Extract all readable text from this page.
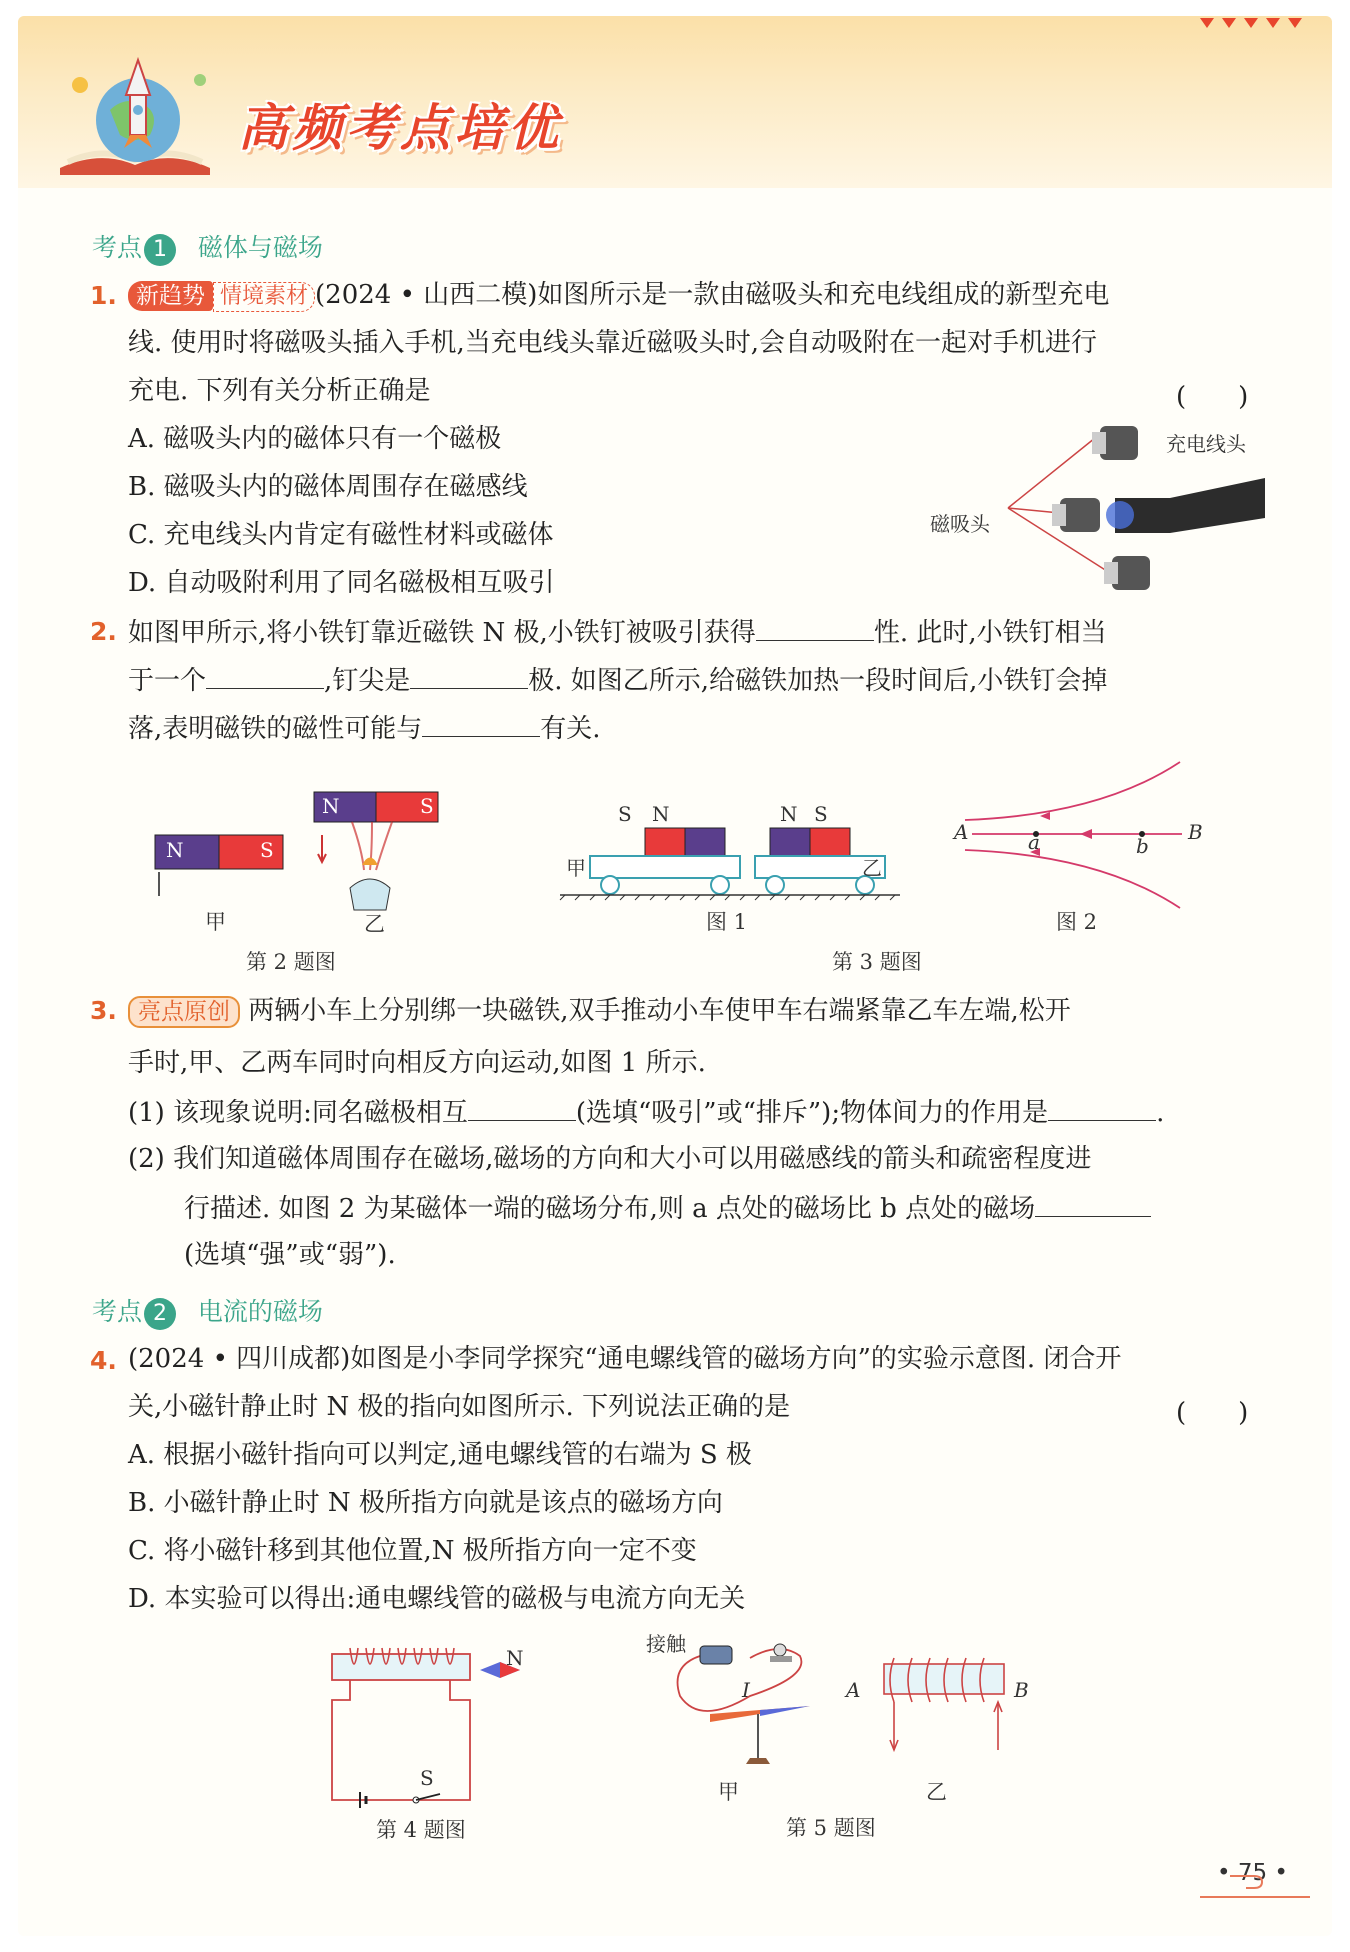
高频考点培优
考点 1 磁体与磁场
1. 新趋势 情境素材 (2024 • 山西二模)如图所示是一款由磁吸头和充电线组成的新型充电
线. 使用时将磁吸头插入手机,当充电线头靠近磁吸头时,会自动吸附在一起对手机进行
充电. 下列有关分析正确是	(　　)
A. 磁吸头内的磁体只有一个磁极
B. 磁吸头内的磁体周围存在磁感线
C. 充电线头内肯定有磁性材料或磁体
D. 自动吸附利用了同名磁极相互吸引
充电线头
磁吸头
2. 如图甲所示,将小铁钉靠近磁铁 N 极,小铁钉被吸引获得	性. 此时,小铁钉相当
于一个	,钉尖是	极. 如图乙所示,给磁铁加热一段时间后,小铁钉会掉
落,表明磁铁的磁性可能与	有关.
N	S
N	S
甲	乙
第 2 题图
S N	N S
甲	乙
图 1
A	B
a	b
图 2
第 3 题图
3. 亮点原创 两辆小车上分别绑一块磁铁,双手推动小车使甲车右端紧靠乙车左端,松开
手时,甲、乙两车同时向相反方向运动,如图 1 所示.
(1) 该现象说明:同名磁极相互	(选填“吸引”或“排斥”);物体间力的作用是	.
(2) 我们知道磁体周围存在磁场,磁场的方向和大小可以用磁感线的箭头和疏密程度进
行描述. 如图 2 为某磁体一端的磁场分布,则 a 点处的磁场比 b 点处的磁场
(选填“强”或“弱”).
考点 2 电流的磁场
4. (2024 • 四川成都)如图是小李同学探究“通电螺线管的磁场方向”的实验示意图. 闭合开
关,小磁针静止时 N 极的指向如图所示. 下列说法正确的是	(　　)
A. 根据小磁针指向可以判定,通电螺线管的右端为 S 极
B. 小磁针静止时 N 极所指方向就是该点的磁场方向
C. 将小磁针移到其他位置,N 极所指方向一定不变
D. 本实验可以得出:通电螺线管的磁极与电流方向无关
N
S
第 4 题图
接触
I
甲
A	B
乙
第 5 题图
• 75 •
